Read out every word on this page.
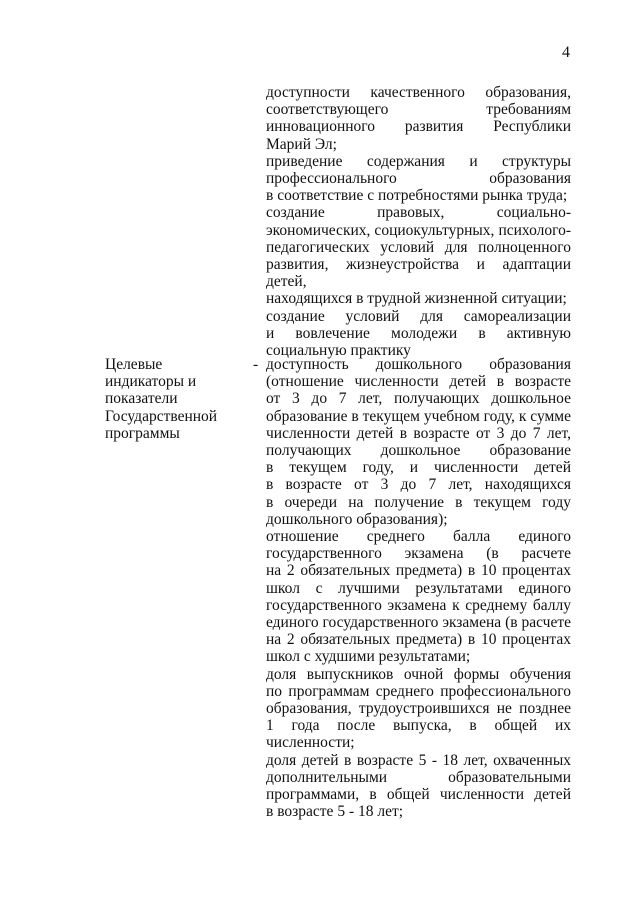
4

доступности качественного образования,
соответствующего требованиям
инновационного развития Республики
Марий Эл;

приведение содержания и структуры
профессионального образования
в соответствие с потребностями рынка труда;

создание правовых, социально-
экономических, социокультурных, психолого-
педагогических условий для полноценного
развития, жизнеустройства и адаптации детей,
находящихся в трудной жизненной ситуации;

создание условий для самореализации
и вовлечение молодежи в активную
социальную практику

Целевые
индикаторы и
показатели
Государственной
программы
- доступность дошкольного образования
(отношение численности детей в возрасте
от 3 до 7 лет, получающих дошкольное
образование в текущем учебном году, к сумме
численности детей в возрасте от 3 до 7 лет,
получающих дошкольное образование
в текущем году, и численности детей
в возрасте от 3 до 7 лет, находящихся
в очереди на получение в текущем году
дошкольного образования);

отношение среднего балла единого
государственного экзамена (в расчете
на 2 обязательных предмета) в 10 процентах
школ с лучшими результатами единого
государственного экзамена к среднему баллу
единого государственного экзамена (в расчете
на 2 обязательных предмета) в 10 процентах
школ с худшими результатами;

доля выпускников очной формы обучения
по программам среднего профессионального
образования, трудоустроившихся не позднее
1 года после выпуска, в общей их
численности;

доля детей в возрасте 5 - 18 лет, охваченных
дополнительными образовательными
программами, в общей численности детей
в возрасте 5 - 18 лет;
